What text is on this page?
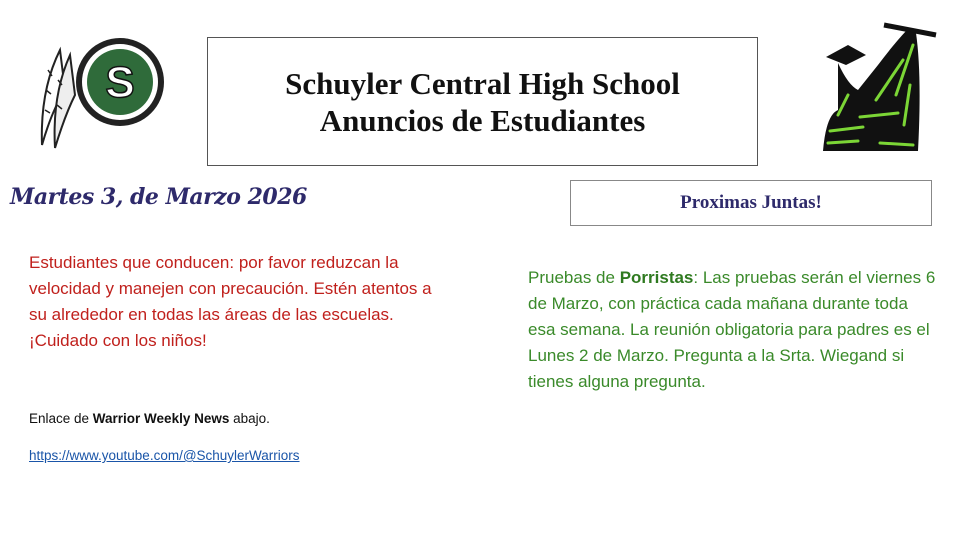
S	Schuyler Central High School
Anuncios de Estudiantes
Martes 3, de Marzo 2026	Proximas Juntas!
Estudiantes que conducen: por favor reduzcan la velocidad y manejen con precaución. Estén atentos a su alrededor en todas las áreas de las escuelas. ¡Cuidado con los niños!
Pruebas de Porristas: Las pruebas serán el viernes 6 de Marzo, con práctica cada mañana durante toda esa semana. La reunión obligatoria para padres es el Lunes 2 de Marzo. Pregunta a la Srta. Wiegand si tienes alguna pregunta.
Enlace de Warrior Weekly News abajo.
https://www.youtube.com/@SchuylerWarriors
